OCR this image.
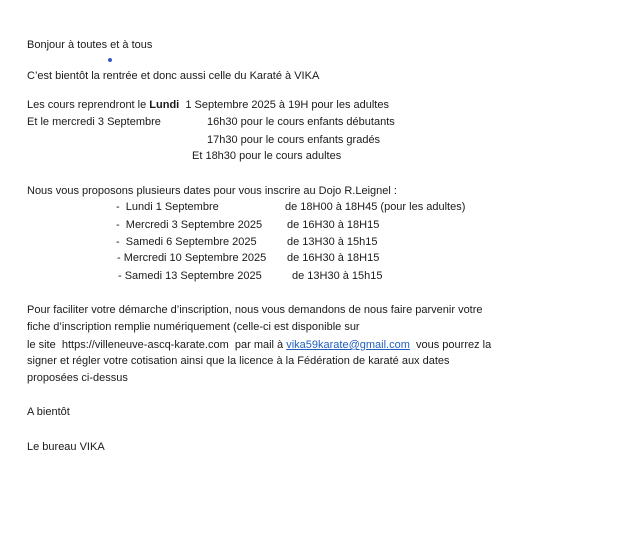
Bonjour à toutes et à tous
C’est bientôt la rentrée et donc aussi celle du Karaté à VIKA
Les cours reprendront le Lundi  1 Septembre 2025 à 19H pour les adultes
Et le mercredi 3 Septembre	16h30 pour le cours enfants débutants
17h30 pour le cours enfants gradés
Et 18h30 pour le cours adultes
Nous vous proposons plusieurs dates pour vous inscrire au Dojo R.Leignel :
-  Lundi 1 Septembre	de 18H00 à 18H45 (pour les adultes)
-  Mercredi 3 Septembre 2025 de 16H30 à 18H15
-  Samedi 6 Septembre 2025	de 13H30 à 15h15
- Mercredi 10 Septembre 2025 de 16H30 à 18H15
- Samedi 13 Septembre 2025	de 13H30 à 15h15
Pour faciliter votre démarche d’inscription, nous vous demandons de nous faire parvenir votre
fiche d’inscription remplie numériquement (celle-ci est disponible sur
le site  https://villeneuve-ascq-karate.com  par mail à vika59karate@gmail.com  vous pourrez la
signer et régler votre cotisation ainsi que la licence à la Fédération de karaté aux dates
proposées ci-dessus
A bientôt
Le bureau VIKA
